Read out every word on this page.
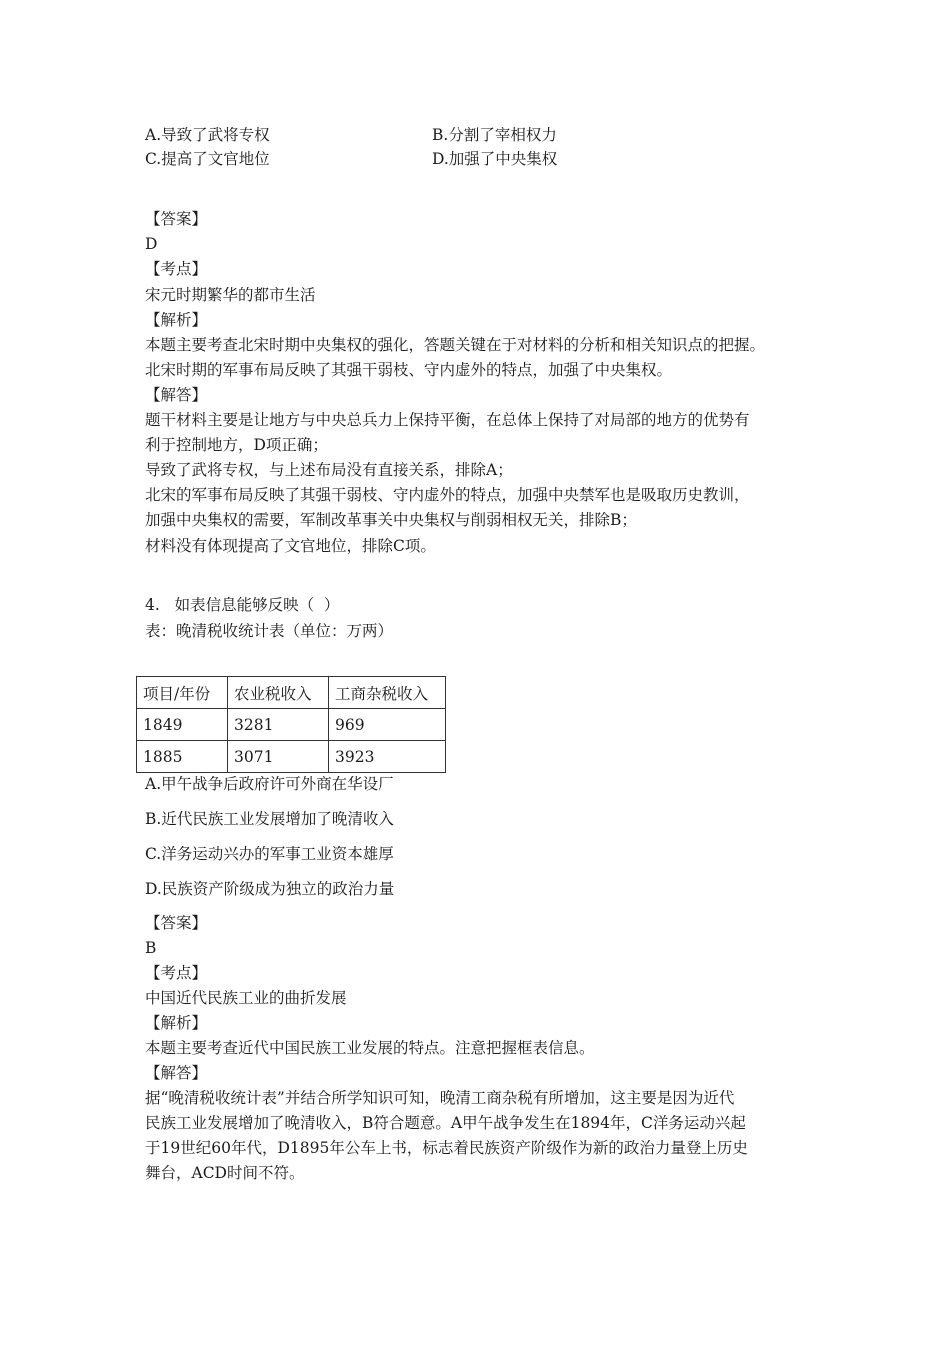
A.导致了武将专权	B.分割了宰相权力
C.提高了文官地位	D.加强了中央集权
【答案】
D
【考点】
宋元时期繁华的都市生活
【解析】
本题主要考查北宋时期中央集权的强化，答题关键在于对材料的分析和相关知识点的把握。
北宋时期的军事布局反映了其强干弱枝、守内虚外的特点，加强了中央集权。
【解答】
题干材料主要是让地方与中央总兵力上保持平衡，在总体上保持了对局部的地方的优势有
利于控制地方，D项正确；
导致了武将专权，与上述布局没有直接关系，排除A；
北宋的军事布局反映了其强干弱枝、守内虚外的特点，加强中央禁军也是吸取历史教训，
加强中央集权的需要，军制改革事关中央集权与削弱相权无关，排除B；
材料没有体现提高了文官地位，排除C项。
4.   如表信息能够反映（  ）
表：晚清税收统计表（单位：万两）
项目/年份	农业税收入	工商杂税收入
1849	3281	969
1885	3071	3923
A.甲午战争后政府许可外商在华设厂
B.近代民族工业发展增加了晚清收入
C.洋务运动兴办的军事工业资本雄厚
D.民族资产阶级成为独立的政治力量
【答案】
B
【考点】
中国近代民族工业的曲折发展
【解析】
本题主要考查近代中国民族工业发展的特点。注意把握框表信息。
【解答】
据“晚清税收统计表”并结合所学知识可知，晚清工商杂税有所增加，这主要是因为近代
民族工业发展增加了晚清收入，B符合题意。A甲午战争发生在1894年，C洋务运动兴起
于19世纪60年代，D1895年公车上书，标志着民族资产阶级作为新的政治力量登上历史
舞台，ACD时间不符。
